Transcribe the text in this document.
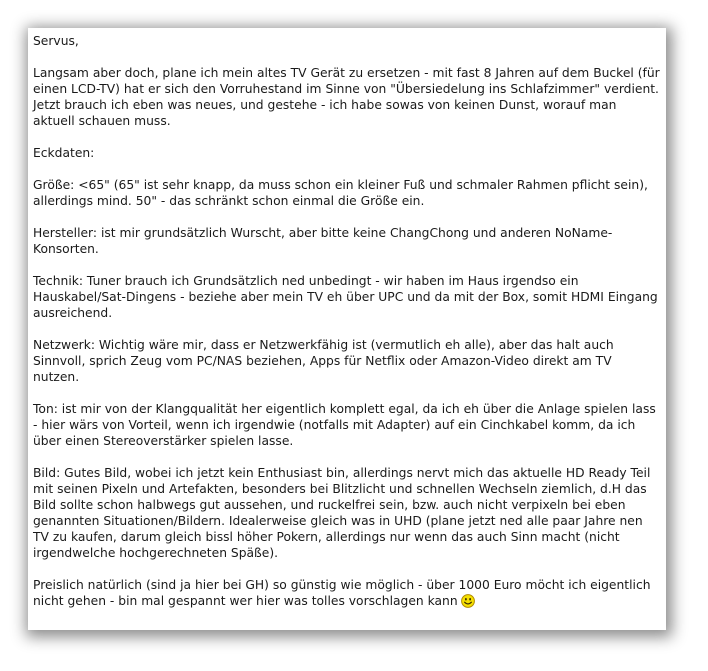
Servus,

Langsam aber doch, plane ich mein altes TV Gerät zu ersetzen - mit fast 8 Jahren auf dem Buckel (für einen LCD-TV) hat er sich den Vorruhestand im Sinne von "Übersiedelung ins Schlafzimmer" verdient. Jetzt brauch ich eben was neues, und gestehe - ich habe sowas von keinen Dunst, worauf man aktuell schauen muss.

Eckdaten:

Größe: <65" (65" ist sehr knapp, da muss schon ein kleiner Fuß und schmaler Rahmen pflicht sein), allerdings mind. 50" - das schränkt schon einmal die Größe ein.

Hersteller: ist mir grundsätzlich Wurscht, aber bitte keine ChangChong und anderen NoName-Konsorten.

Technik: Tuner brauch ich Grundsätzlich ned unbedingt - wir haben im Haus irgendso ein Hauskabel/Sat-Dingens - beziehe aber mein TV eh über UPC und da mit der Box, somit HDMI Eingang ausreichend.

Netzwerk: Wichtig wäre mir, dass er Netzwerkfähig ist (vermutlich eh alle), aber das halt auch Sinnvoll, sprich Zeug vom PC/NAS beziehen, Apps für Netflix oder Amazon-Video direkt am TV nutzen.

Ton: ist mir von der Klangqualität her eigentlich komplett egal, da ich eh über die Anlage spielen lass - hier wärs von Vorteil, wenn ich irgendwie (notfalls mit Adapter) auf ein Cinchkabel komm, da ich über einen Stereoverstärker spielen lasse.

Bild: Gutes Bild, wobei ich jetzt kein Enthusiast bin, allerdings nervt mich das aktuelle HD Ready Teil mit seinen Pixeln und Artefakten, besonders bei Blitzlicht und schnellen Wechseln ziemlich, d.H das Bild sollte schon halbwegs gut aussehen, und ruckelfrei sein, bzw. auch nicht verpixeln bei eben genannten Situationen/Bildern. Idealerweise gleich was in UHD (plane jetzt ned alle paar Jahre nen TV zu kaufen, darum gleich bissl höher Pokern, allerdings nur wenn das auch Sinn macht (nicht irgendwelche hochgerechneten Späße).

Preislich natürlich (sind ja hier bei GH) so günstig wie möglich - über 1000 Euro möcht ich eigentlich nicht gehen - bin mal gespannt wer hier was tolles vorschlagen kann
